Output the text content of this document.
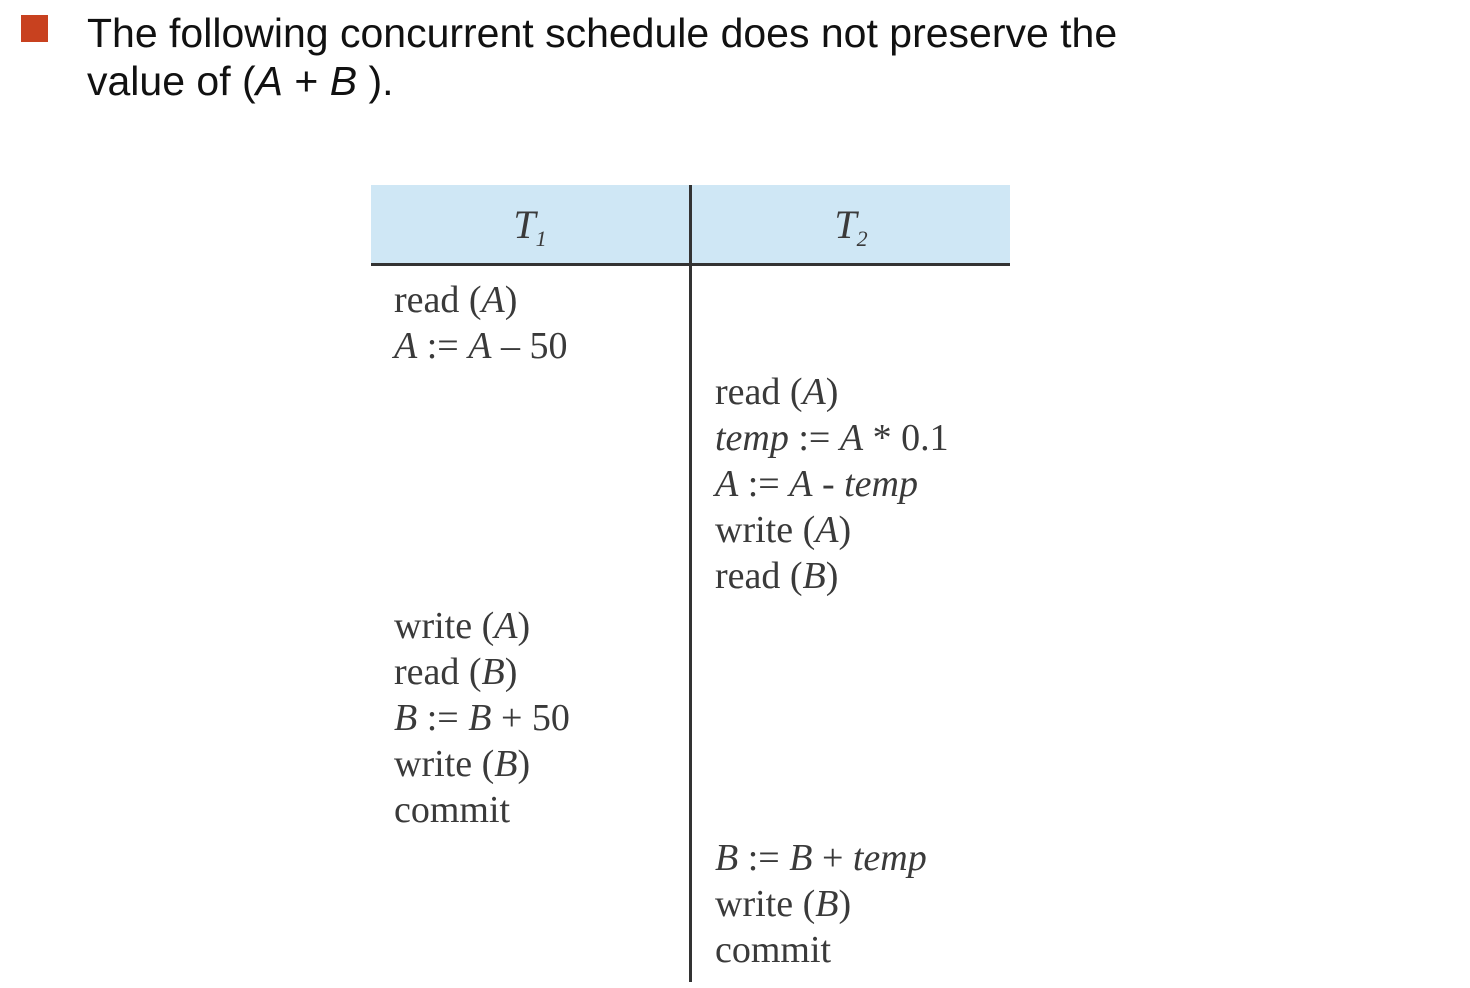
The following concurrent schedule does not preserve the
value of (A + B ).
$T_1$	$T_2$
read (A)
A := A – 50
read (A)
temp := A * 0.1
A := A - temp
write (A)
read (B)
write (A)
read (B)
B := B + 50
write (B)
commit
B := B + temp
write (B)
commit
